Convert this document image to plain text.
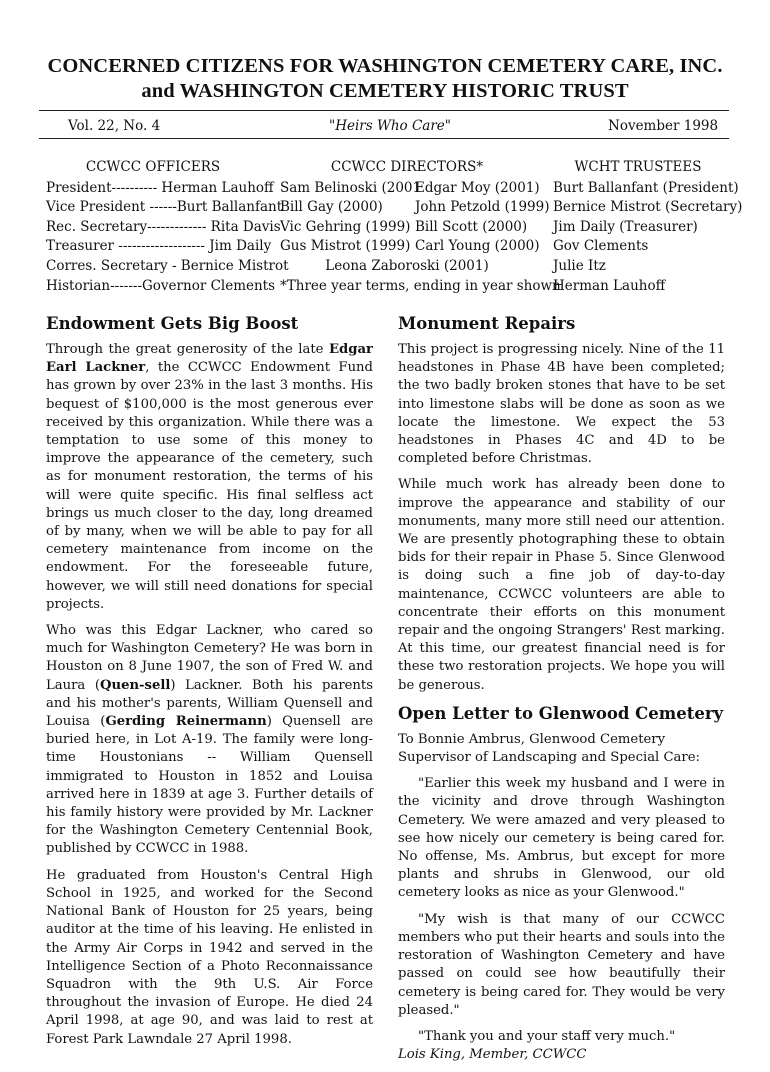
CONCERNED CITIZENS FOR WASHINGTON CEMETERY CARE, INC.

and WASHINGTON CEMETERY HISTORIC TRUST

Vol. 22, No. 4	"Heirs Who Care"	November 1998
CCWCC OFFICERS
President---------- Herman Lauhoff
Vice President ------Burt Ballanfant
Rec. Secretary------------- Rita Davis
Treasurer ------------------- Jim Daily
Corres. Secretary - Bernice Mistrot
Historian-------Governor Clements
CCWCC DIRECTORS*
Sam Belinoski (2001
Bill Gay (2000)
Vic Gehring (1999)
Gus Mistrot (1999)
Edgar Moy (2001)
John Petzold (1999)
Bill Scott (2000)
Carl Young (2000)
Leona Zaboroski (2001)
*Three year terms, ending in year shown
WCHT TRUSTEES
Burt Ballanfant (President)
Bernice Mistrot (Secretary)
Jim Daily (Treasurer)
Gov Clements
Julie Itz
Herman Lauhoff
Endowment Gets Big Boost

Through the great generosity of the late Edgar Earl Lackner, the CCWCC Endowment Fund has grown by over 23% in the last 3 months. His bequest of $100,000 is the most generous ever received by this organization. While there was a temptation to use some of this money to improve the appearance of the cemetery, such as for monument restoration, the terms of his will were quite specific. His final selfless act brings us much closer to the day, long dreamed of by many, when we will be able to pay for all cemetery maintenance from income on the endowment. For the foreseeable future, however, we will still need donations for special projects.

Who was this Edgar Lackner, who cared so much for Washington Cemetery? He was born in Houston on 8 June 1907, the son of Fred W. and Laura (Quen-sell) Lackner. Both his parents and his mother's parents, William Quensell and Louisa (Gerding Reinermann) Quensell are buried here, in Lot A-19. The family were long-time Houstonians -- William Quensell immigrated to Houston in 1852 and Louisa arrived here in 1839 at age 3. Further details of his family history were provided by Mr. Lackner for the Washington Cemetery Centennial Book, published by CCWCC in 1988.

He graduated from Houston's Central High School in 1925, and worked for the Second National Bank of Houston for 25 years, being auditor at the time of his leaving. He enlisted in the Army Air Corps in 1942 and served in the Intelligence Section of a Photo Reconnaissance Squadron with the 9th U.S. Air Force throughout the invasion of Europe. He died 24 April 1998, at age 90, and was laid to rest at Forest Park Lawndale 27 April 1998.

Monument Repairs

This project is progressing nicely. Nine of the 11 headstones in Phase 4B have been completed; the two badly broken stones that have to be set into limestone slabs will be done as soon as we locate the limestone. We expect the 53 headstones in Phases 4C and 4D to be completed before Christmas.

While much work has already been done to improve the appearance and stability of our monuments, many more still need our attention. We are presently photographing these to obtain bids for their repair in Phase 5. Since Glenwood is doing such a fine job of day-to-day maintenance, CCWCC volunteers are able to concentrate their efforts on this monument repair and the ongoing Strangers' Rest marking. At this time, our greatest financial need is for these two restoration projects. We hope you will be generous.

Open Letter to Glenwood Cemetery

To Bonnie Ambrus, Glenwood Cemetery Supervisor of Landscaping and Special Care:

"Earlier this week my husband and I were in the vicinity and drove through Washington Cemetery. We were amazed and very pleased to see how nicely our cemetery is being cared for. No offense, Ms. Ambrus, but except for more plants and shrubs in Glenwood, our old cemetery looks as nice as your Glenwood."

"My wish is that many of our CCWCC members who put their hearts and souls into the restoration of Washington Cemetery and have passed on could see how beautifully their cemetery is being cared for. They would be very pleased."

"Thank you and your staff very much."

Lois King, Member, CCWCC
